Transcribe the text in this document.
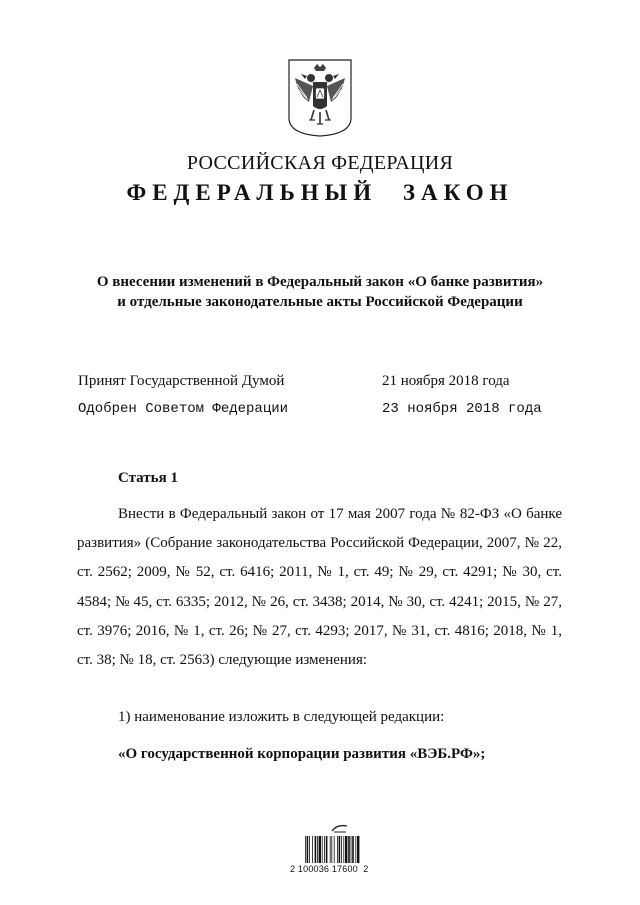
РОССИЙСКАЯ ФЕДЕРАЦИЯ
ФЕДЕРАЛЬНЫЙ ЗАКОН
О внесении изменений в Федеральный закон «О банке развития»
и отдельные законодательные акты Российской Федерации
Принят Государственной Думой	21 ноября 2018 года
Одобрен Советом Федерации	23 ноября 2018 года
Статья 1

Внести в Федеральный закон от 17 мая 2007 года № 82-ФЗ «О банке развития» (Собрание законодательства Российской Федерации, 2007, № 22, ст. 2562; 2009, № 52, ст. 6416; 2011, № 1, ст. 49; № 29, ст. 4291; № 30, ст. 4584; № 45, ст. 6335; 2012, № 26, ст. 3438; 2014, № 30, ст. 4241; 2015, № 27, ст. 3976; 2016, № 1, ст. 26; № 27, ст. 4293; 2017, № 31, ст. 4816; 2018, № 1, ст. 38; № 18, ст. 2563) следующие изменения:

1) наименование изложить в следующей редакции:
«О государственной корпорации развития «ВЭБ.РФ»;
2 100036 17600  2
